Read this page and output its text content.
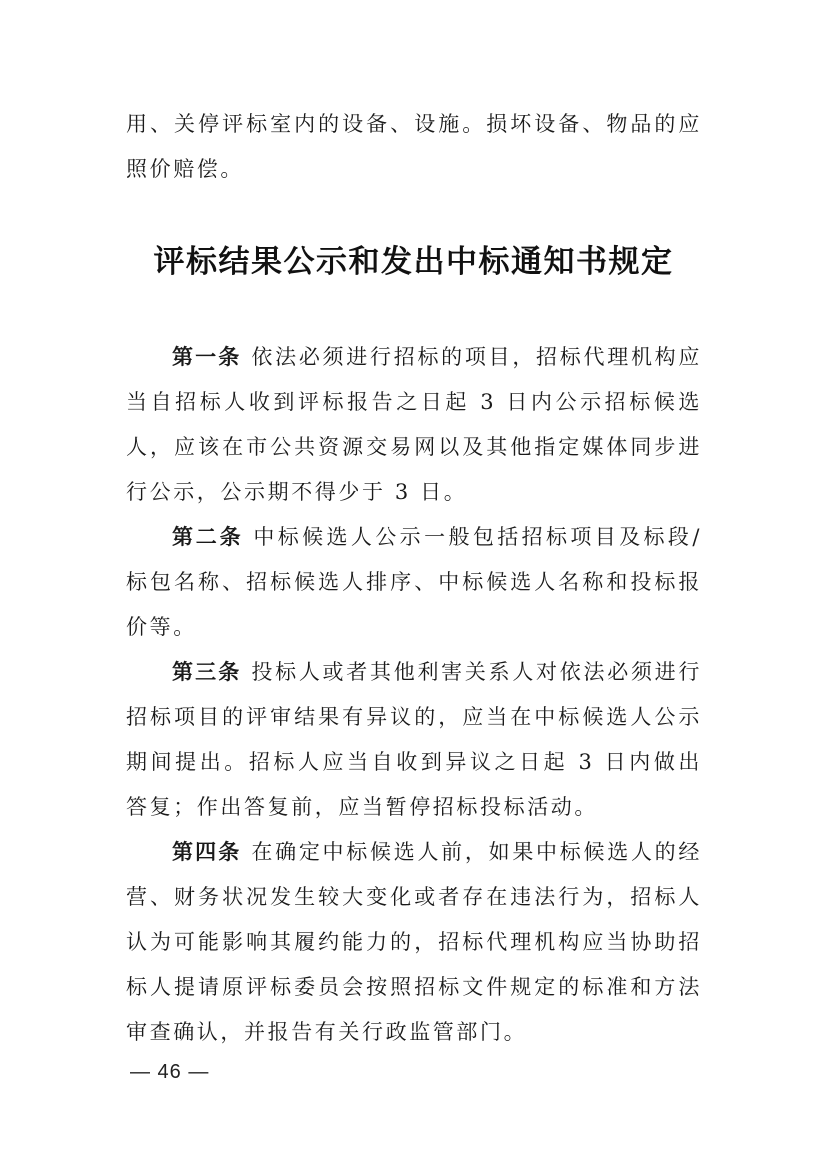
用、关停评标室内的设备、设施。损坏设备、物品的应照价赔偿。

评标结果公示和发出中标通知书规定

第一条 依法必须进行招标的项目，招标代理机构应当自招标人收到评标报告之日起 3 日内公示招标候选人，应该在市公共资源交易网以及其他指定媒体同步进行公示，公示期不得少于 3 日。

第二条 中标候选人公示一般包括招标项目及标段/标包名称、招标候选人排序、中标候选人名称和投标报价等。

第三条 投标人或者其他利害关系人对依法必须进行招标项目的评审结果有异议的，应当在中标候选人公示期间提出。招标人应当自收到异议之日起 3 日内做出答复；作出答复前，应当暂停招标投标活动。

第四条 在确定中标候选人前，如果中标候选人的经营、财务状况发生较大变化或者存在违法行为，招标人认为可能影响其履约能力的，招标代理机构应当协助招标人提请原评标委员会按照招标文件规定的标准和方法审查确认，并报告有关行政监管部门。

— 46 —
